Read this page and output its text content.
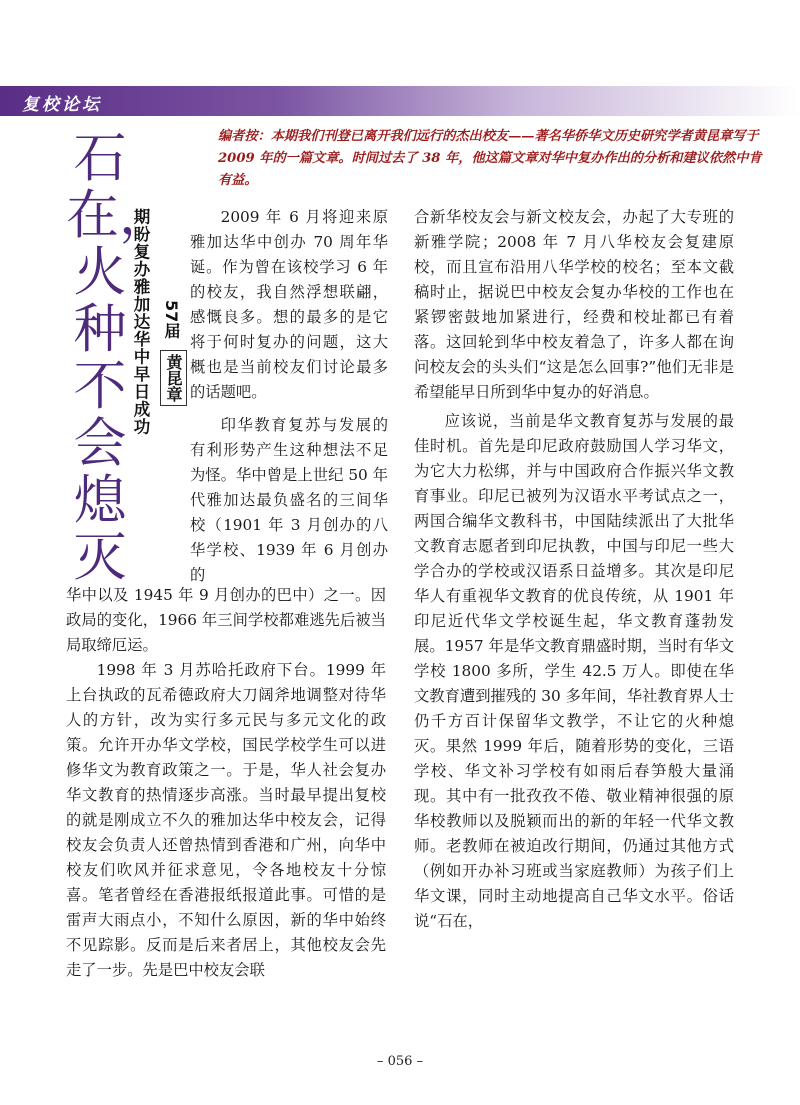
复校论坛
编者按：本期我们刊登已离开我们远行的杰出校友——著名华侨华文历史研究学者黄昆章写于 2009 年的一篇文章。时间过去了 38 年，他这篇文章对华中复办作出的分析和建议依然中肯有益。
石在，火种不会熄灭
期盼复办雅加达华中早日成功 57届
黄昆章

2009 年 6 月将迎来原雅加达华中创办 70 周年华诞。作为曾在该校学习 6 年的校友，我自然浮想联翩，感慨良多。想的最多的是它将于何时复办的问题，这大概也是当前校友们讨论最多的话题吧。

印华教育复苏与发展的有利形势产生这种想法不足为怪。华中曾是上世纪 50 年代雅加达最负盛名的三间华校（1901 年 3 月创办的八华学校、1939 年 6 月创办的

华中以及 1945 年 9 月创办的巴中）之一。因政局的变化，1966 年三间学校都难逃先后被当局取缔厄运。

1998 年 3 月苏哈托政府下台。1999 年上台执政的瓦希德政府大刀阔斧地调整对待华人的方针，改为实行多元民与多元文化的政策。允许开办华文学校，国民学校学生可以进修华文为教育政策之一。于是，华人社会复办华文教育的热情逐步高涨。当时最早提出复校的就是刚成立不久的雅加达华中校友会，记得校友会负责人还曾热情到香港和广州，向华中校友们吹风并征求意见，令各地校友十分惊喜。笔者曾经在香港报纸报道此事。可惜的是雷声大雨点小，不知什么原因，新的华中始终不见踪影。反而是后来者居上，其他校友会先走了一步。先是巴中校友会联

合新华校友会与新文校友会，办起了大专班的新雅学院；2008 年 7 月八华校友会复建原校，而且宣布沿用八华学校的校名；至本文截稿时止，据说巴中校友会复办华校的工作也在紧锣密鼓地加紧进行，经费和校址都已有着落。这回轮到华中校友着急了，许多人都在询问校友会的头头们“这是怎么回事?”他们无非是希望能早日所到华中复办的好消息。

应该说，当前是华文教育复苏与发展的最佳时机。首先是印尼政府鼓励国人学习华文，为它大力松绑，并与中国政府合作振兴华文教育事业。印尼已被列为汉语水平考试点之一，两国合编华文教科书，中国陆续派出了大批华文教育志愿者到印尼执教，中国与印尼一些大学合办的学校或汉语系日益增多。其次是印尼华人有重视华文教育的优良传统，从 1901 年印尼近代华文学校诞生起，华文教育蓬勃发展。1957 年是华文教育鼎盛时期，当时有华文学校 1800 多所，学生 42.5 万人。即使在华文教育遭到摧残的 30 多年间，华社教育界人士仍千方百计保留华文教学，不让它的火种熄灭。果然 1999 年后，随着形势的变化，三语学校、华文补习学校有如雨后春笋般大量涌现。其中有一批孜孜不倦、敬业精神很强的原华校教师以及脱颖而出的新的年轻一代华文教师。老教师在被迫改行期间，仍通过其他方式（例如开办补习班或当家庭教师）为孩子们上华文课，同时主动地提高自己华文水平。俗话说“石在，

– 056 –
